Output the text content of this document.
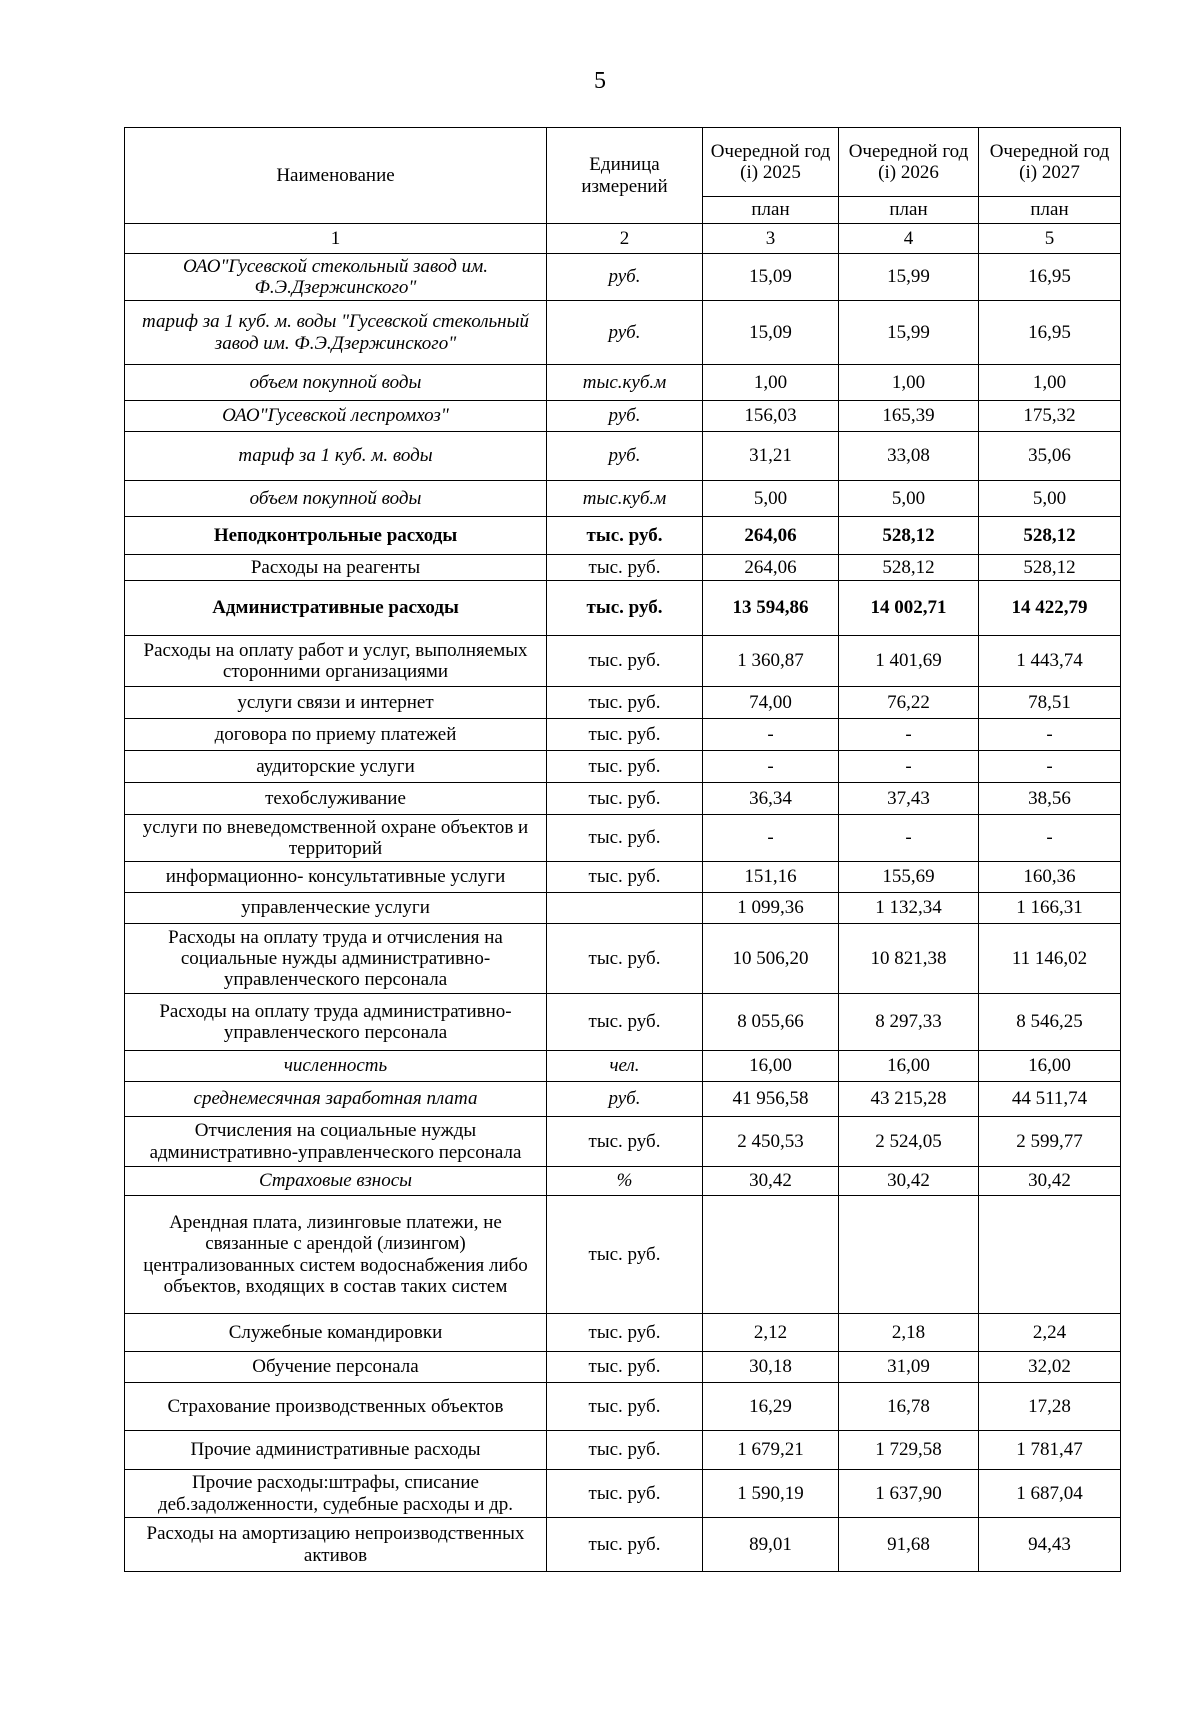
5
Наименование	Единица измерений	Очередной год (i) 2025	Очередной год (i) 2026	Очередной год (i) 2027
		план	план	план
1	2	3	4	5
ОАО"Гусевской стекольный завод им. Ф.Э.Дзержинского"	руб.	15,09	15,99	16,95
тариф за 1 куб. м. воды "Гусевской стекольный завод им. Ф.Э.Дзержинского"	руб.	15,09	15,99	16,95
объем покупной воды	тыс.куб.м	1,00	1,00	1,00
ОАО"Гусевской леспромхоз"	руб.	156,03	165,39	175,32
тариф за 1 куб. м. воды	руб.	31,21	33,08	35,06
объем покупной воды	тыс.куб.м	5,00	5,00	5,00
Неподконтрольные расходы	тыс. руб.	264,06	528,12	528,12
Расходы на реагенты	тыс. руб.	264,06	528,12	528,12
Административные расходы	тыс. руб.	13 594,86	14 002,71	14 422,79
Расходы на оплату работ и услуг, выполняемых сторонними организациями	тыс. руб.	1 360,87	1 401,69	1 443,74
услуги связи и интернет	тыс. руб.	74,00	76,22	78,51
договора по приему платежей	тыс. руб.	-	-	-
аудиторские услуги	тыс. руб.	-	-	-
техобслуживание	тыс. руб.	36,34	37,43	38,56
услуги по вневедомственной охране объектов и территорий	тыс. руб.	-	-	-
информационно- консультативные услуги	тыс. руб.	151,16	155,69	160,36
управленческие услуги		1 099,36	1 132,34	1 166,31
Расходы на оплату труда и отчисления на социальные нужды административно-управленческого персонала	тыс. руб.	10 506,20	10 821,38	11 146,02
Расходы на оплату труда административно-управленческого персонала	тыс. руб.	8 055,66	8 297,33	8 546,25
численность	чел.	16,00	16,00	16,00
среднемесячная заработная плата	руб.	41 956,58	43 215,28	44 511,74
Отчисления на социальные нужды административно-управленческого персонала	тыс. руб.	2 450,53	2 524,05	2 599,77
Страховые взносы	%	30,42	30,42	30,42
Арендная плата, лизинговые платежи, не связанные с арендой (лизингом) централизованных систем водоснабжения либо объектов, входящих в состав таких систем	тыс. руб.			
Служебные командировки	тыс. руб.	2,12	2,18	2,24
Обучение персонала	тыс. руб.	30,18	31,09	32,02
Страхование производственных объектов	тыс. руб.	16,29	16,78	17,28
Прочие административные расходы	тыс. руб.	1 679,21	1 729,58	1 781,47
Прочие расходы:штрафы, списание деб.задолженности, судебные расходы и др.	тыс. руб.	1 590,19	1 637,90	1 687,04
Расходы на амортизацию непроизводственных активов	тыс. руб.	89,01	91,68	94,43
